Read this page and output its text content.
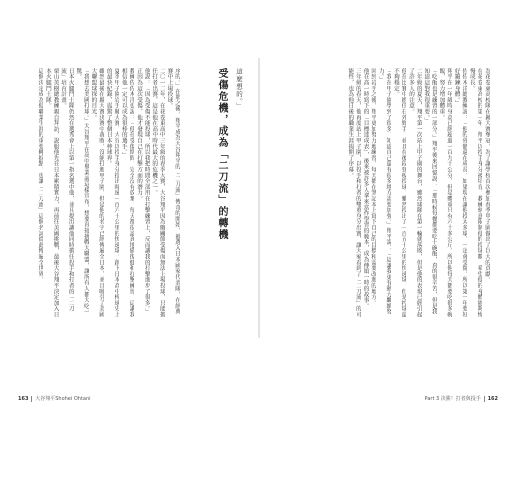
序的。」在那之後，翔平成為大谷翔平的「二刀流」傳奇的開始，被選入日本國家代表隊，在經典賽中上場投球。
二〇一二年，在花卷東高中三年級的春季大賽，大谷翔平因為髖關節受傷而無法上場投球，只能擔任打者出賽，這是他在高中時代最大的危機之一。
他說：「因為受傷不能投球，所以我把時間全部用在打擊練習上，反而讓我的打擊進步了很多。」正因為這次受傷，他才發現自己在打擊方面的潛力。
教練佐佐木洋也說：「他在受傷期間，完全沒有放棄，每天都很認真地做復健和打擊練習，這讓我相信他一定可以成為很棒的選手。」
夏季甲子園岩手縣大賽，大谷以投手身分投出時速一百六十公里的快速球，創下日本高中棒球史上的最快紀錄，震驚了整個日本棒球界。
雖然最後在縣大賽決賽中落敗，沒能打進甲子園，但是他的名字已經傳遍全日本，並且吸引了美國大聯盟球探的目光。
「我想去美國打球。」大谷翔平在高中畢業前這樣宣布，想要直接挑戰大聯盟，讓所有人都大吃一驚。
日本火腿鬥士隊仍然在選秀會上以第一指名選中他，並且提出讓他同時擔任投手和打者的「二刀流」培育計畫。
栗山英樹總教練親自拜訪，說服他先在日本累積實力，再前往美國挑戰，最後大谷翔平決定加入日本火腿鬥士隊。
這個決定成為他職業生涯的重要轉捩點，也讓「二刀流」這個名詞從此傳遍全世界。	這麼想的。」
受傷危機，成為「二刀流」的轉機	為花卷東高校隊在縣大賽奪冠，為了讓學校首次參加春季甲子園做出了巨大的貢獻。
在花卷東高校的第一年，翔平以投手身分被培育，教練刻意限制他的投球數，希望他的身體能夠慢慢成長。
佐佐木洋總教練說：「他的骨骼還在成長，如果現在讓他投太多球，一定會受傷。所以第一年要好好鍛鍊身體。」
翔平在一年級時身高已經超過一百九十公分，但是體重只有六十多公斤，所以他每天都要吃很多碗飯，努力增加體重。
「吃飯也是練習的一部分。」翔平後來回憶說：「那時候每餐都要吃十碗飯，真的很辛苦，但是我知道這對我很重要。」
二年級的夏天，翔平第一次站上甲子園的舞台，雖然球隊在第一輪就落敗，但是他的表現已經引起了許多人的注意。
他在比賽中擔任右外野手，並且在後段登板投球，雖然投出了一百五十公里的快速球，但是控球還不夠穩定。
「我在甲子園學到了很多，知道自己還有很多地方需要加強。」翔平說：「這讓我更有動力繼續努力。」
回到岩手之後，翔平更加努力地練習，每天都在筆記本上寫下自己的目標和需要改進的地方。
他在高一時寫下的「目標達成表」，後來被許多人拿來當作學習的範本，成為傳頌一時的故事。
三年級的春天，他再度站上甲子園，以投手和打者的雙重身分出賽，讓大家看到了「二刀流」的可能性，也為他日後的職業生涯揭開了序幕。
163 大谷翔平Shohei Ohtani	Part 3 決勝！打者與投手 162
